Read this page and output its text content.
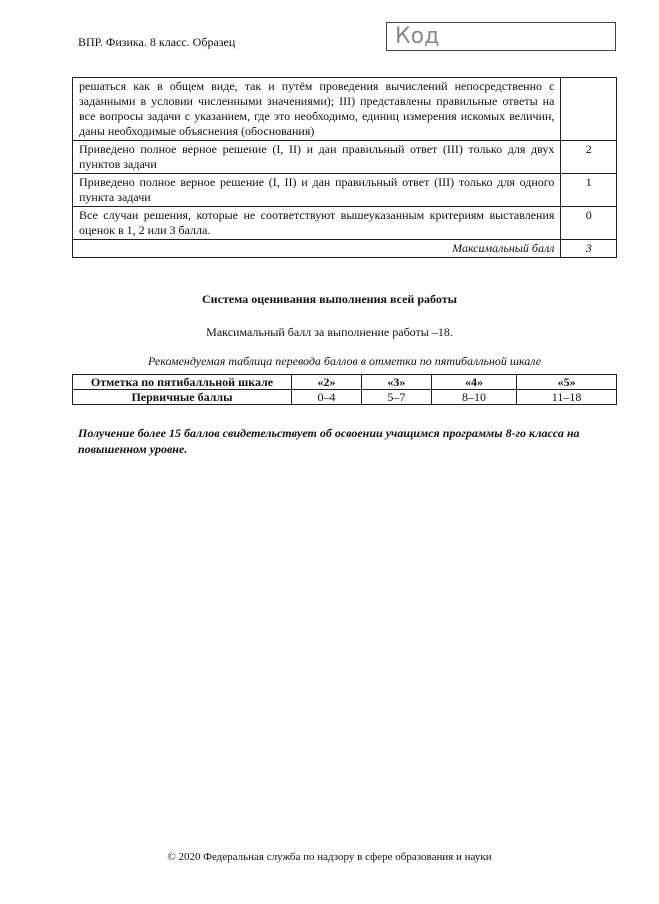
ВПР. Физика. 8 класс. Образец	Код
решаться как в общем виде, так и путём проведения вычислений непосредственно с заданными в условии численными значениями); III) представлены правильные ответы на все вопросы задачи с указанием, где это необходимо, единиц измерения искомых величин, даны необходимые объяснения (обоснования)	
Приведено полное верное решение (I, II) и дан правильный ответ (III) только для двух пунктов задачи	2
Приведено полное верное решение (I, II) и дан правильный ответ (III) только для одного пункта задачи	1
Все случаи решения, которые не соответствуют вышеуказанным критериям выставления оценок в 1, 2 или 3 балла.	0
Максимальный балл	3
Система оценивания выполнения всей работы
Максимальный балл за выполнение работы –18.
Рекомендуемая таблица перевода баллов в отметки по пятибалльной шкале
Отметка по пятибалльной шкале	«2»	«3»	«4»	«5»
Первичные баллы	0–4	5–7	8–10	11–18
Получение более 15 баллов свидетельствует об освоении учащимся программы 8-го класса на повышенном уровне.
© 2020 Федеральная служба по надзору в сфере образования и науки
